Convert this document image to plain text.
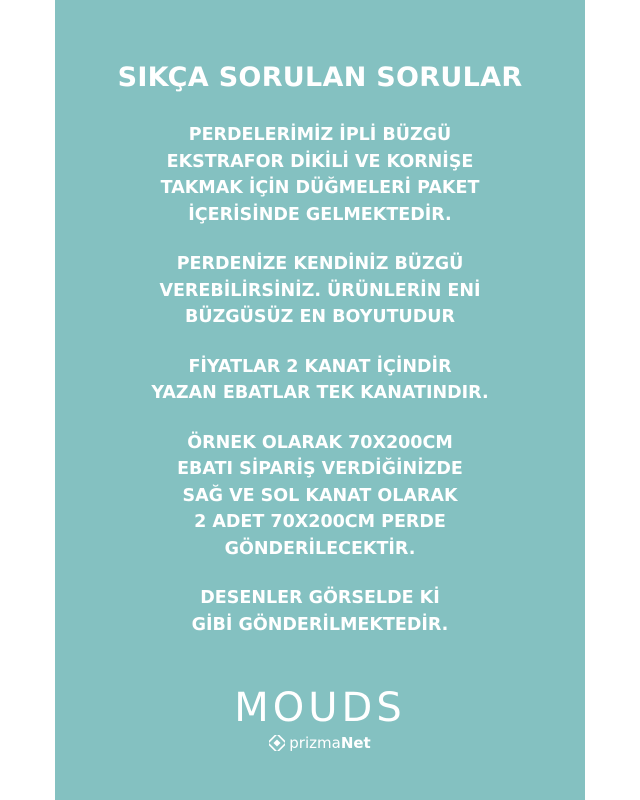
SIKÇA SORULAN SORULAR
PERDELERİMİZ İPLİ BÜZGÜ
EKSTRAFOR DİKİLİ VE KORNİŞE
TAKMAK İÇİN DÜĞMELERİ PAKET
İÇERİSİNDE GELMEKTEDİR.
PERDENİZE KENDİNİZ BÜZGÜ
VEREBİLİRSİNİZ. ÜRÜNLERİN ENİ
BÜZGÜSÜZ EN BOYUTUDUR
FİYATLAR 2 KANAT İÇİNDİR
YAZAN EBATLAR TEK KANATINDIR.
ÖRNEK OLARAK 70X200CM
EBATI SİPARİŞ VERDİĞİNİZDE
SAĞ VE SOL KANAT OLARAK
2 ADET 70X200CM PERDE
GÖNDERİLECEKTİR.
DESENLER GÖRSELDE Kİ
GİBİ GÖNDERİLMEKTEDİR.
MOUDS
prizmaNet
